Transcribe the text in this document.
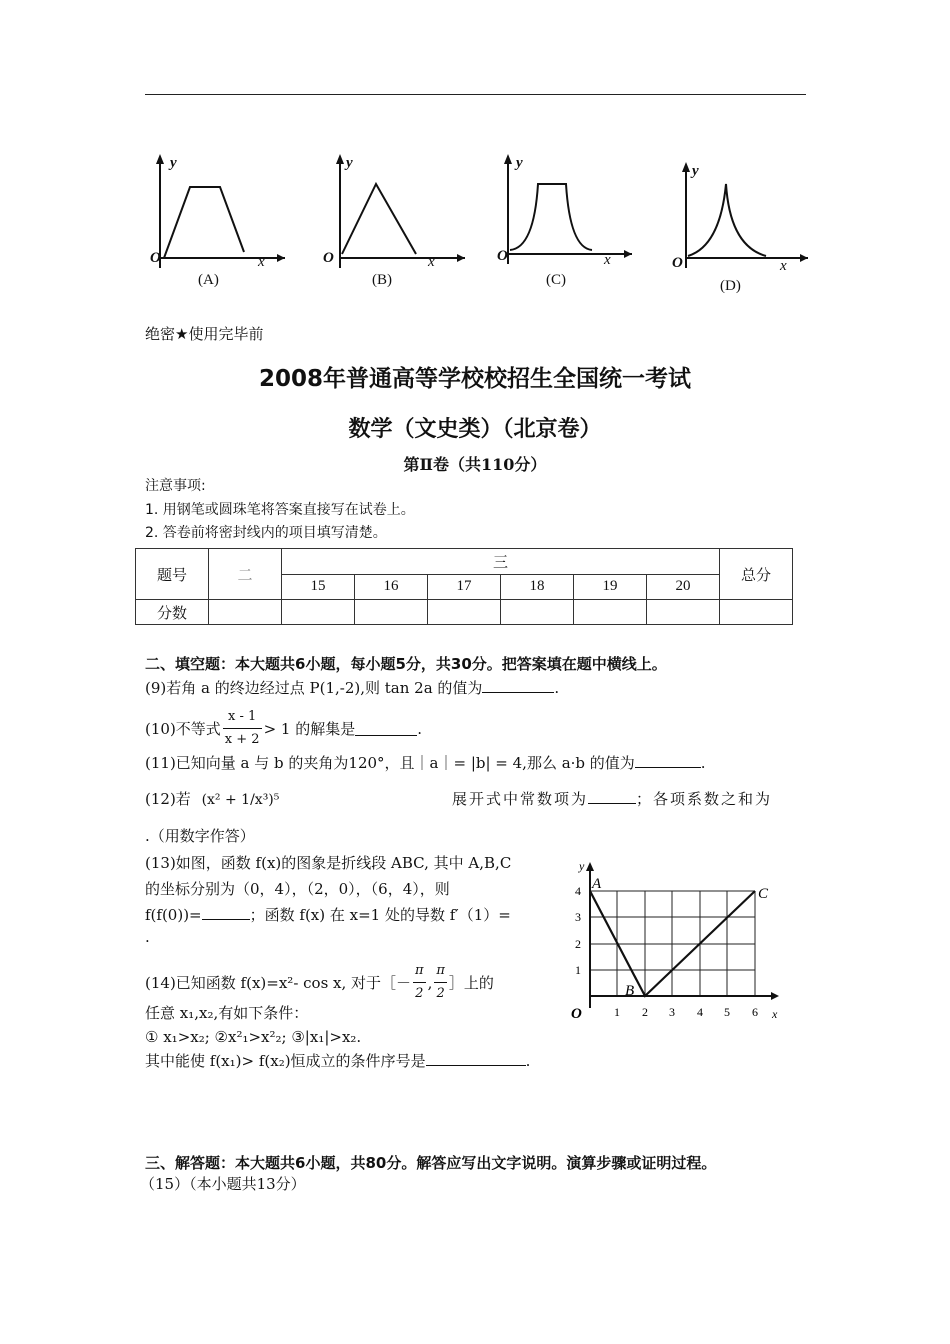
y
O	x
(A)
y
O	x
(B)
y
O	x
(C)
y
O	x
(D)
绝密★使用完毕前
2008年普通高等学校校招生全国统一考试
数学（文史类）（北京卷）
第Ⅱ卷（共110分）
注意事项:
1. 用钢笔或圆珠笔将答案直接写在试卷上。
2. 答卷前将密封线内的项目填写清楚。
题号	二	三						总分
		15	16	17	18	19	20	
分数								
二、填空题：本大题共6小题，每小题5分，共30分。把答案填在题中横线上。
(9)若角 a 的终边经过点 P(1,-2),则 tan 2a 的值为	.
(10)不等式 $\frac{x - 1}{x + 2} > 1$ 的解集是	.
(11)已知向量 a 与 b 的夹角为120°，且｜a｜= |b| = 4,那么 a·b 的值为	.
(12)若 (x² + 1/x³)⁵	展开式中常数项为	；各项系数之和为
.（用数字作答）
(13)如图，函数 f(x)的图象是折线段 ABC, 其中 A,B,C
的坐标分别为（0，4），（2，0），（6，4），则
f(f(0))=	；函数 f(x) 在 x=1 处的导数 f′（1）=
.
(14)已知函数 f(x)=x²- cos x, 对于［－ $\frac{\pi}{2}$ , $\frac{\pi}{2}$ ］上的
任意 x₁,x₂,有如下条件：
① x₁>x₂; ②x²₁>x²₂; ③|x₁|>x₂.
其中能使 f(x₁)> f(x₂)恒成立的条件序号是	.
y
4
3
2
1
1 2 3 4 5 6 x
A
B
C
O
三、解答题：本大题共6小题，共80分。解答应写出文字说明。演算步骤或证明过程。
（15）（本小题共13分）
